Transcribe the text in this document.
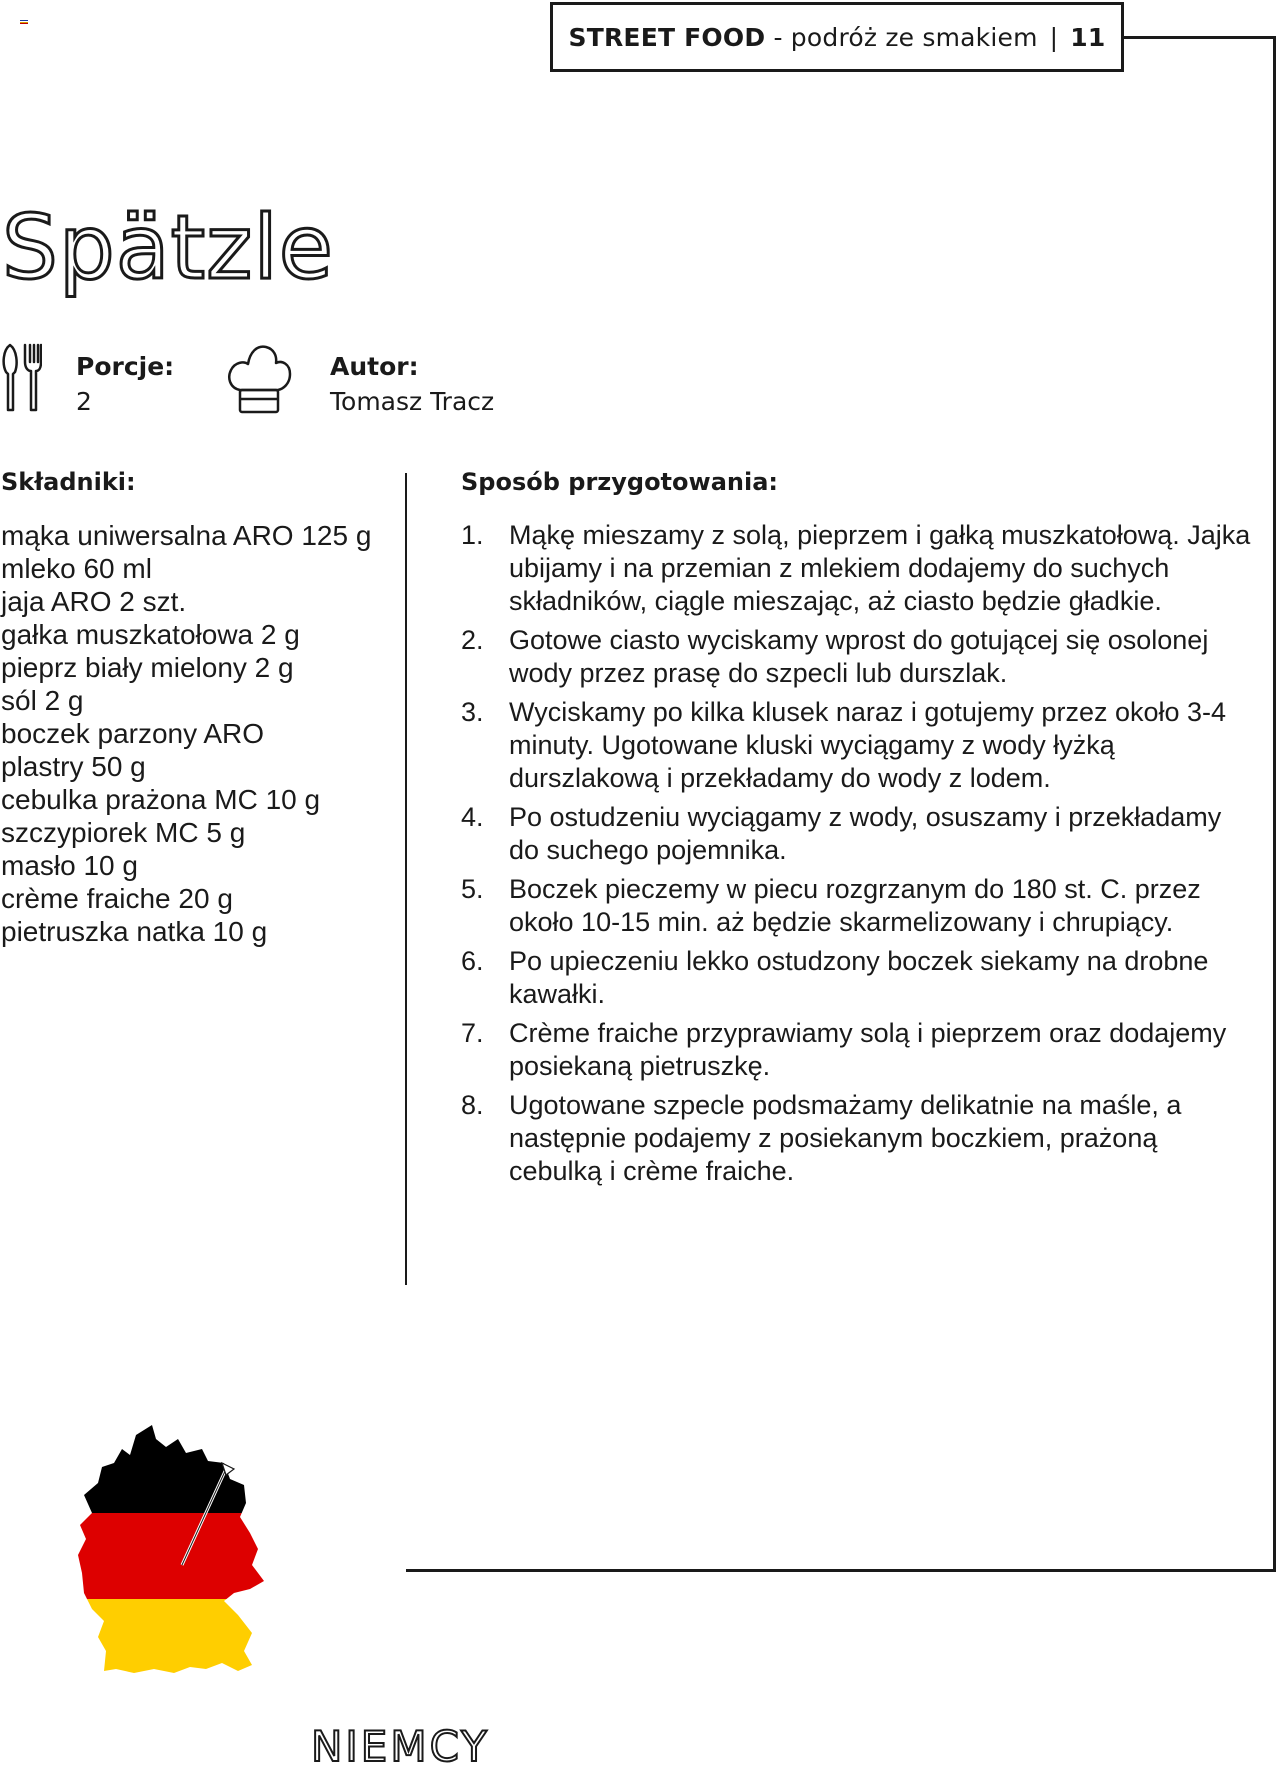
STREET FOOD
- podróż ze smakiem | 11
Spätzle
Porcje:
2
Autor:
Tomasz Tracz
Składniki:
mąka uniwersalna ARO 125 g
mleko 60 ml
jaja ARO 2 szt.
gałka muszkatołowa 2 g
pieprz biały mielony 2 g
sól 2 g
boczek parzony ARO
plastry 50 g
cebulka prażona MC 10 g
szczypiorek MC 5 g
masło 10 g
crème fraiche 20 g
pietruszka natka 10 g
Sposób przygotowania:
1. Mąkę mieszamy z solą, pieprzem i gałką muszkatołową. Jajka ubijamy i na przemian z mlekiem dodajemy do suchych składników, ciągle mieszając, aż ciasto będzie gładkie.
2. Gotowe ciasto wyciskamy wprost do gotującej się osolonej wody przez prasę do szpecli lub durszlak.
3. Wyciskamy po kilka klusek naraz i gotujemy przez około 3-4 minuty. Ugotowane kluski wyciągamy z wody łyżką durszlakową i przekładamy do wody z lodem.
4. Po ostudzeniu wyciągamy z wody, osuszamy i przekładamy do suchego pojemnika.
5. Boczek pieczemy w piecu rozgrzanym do 180 st. C. przez około 10-15 min. aż będzie skarmelizowany i chrupiący.
6. Po upieczeniu lekko ostudzony boczek siekamy na drobne kawałki.
7. Crème fraiche przyprawiamy solą i pieprzem oraz dodajemy posiekaną pietruszkę.
8. Ugotowane szpecle podsmażamy delikatnie na maśle, a następnie podajemy z posiekanym boczkiem, prażoną cebulką i crème fraiche.
NIEMCY
